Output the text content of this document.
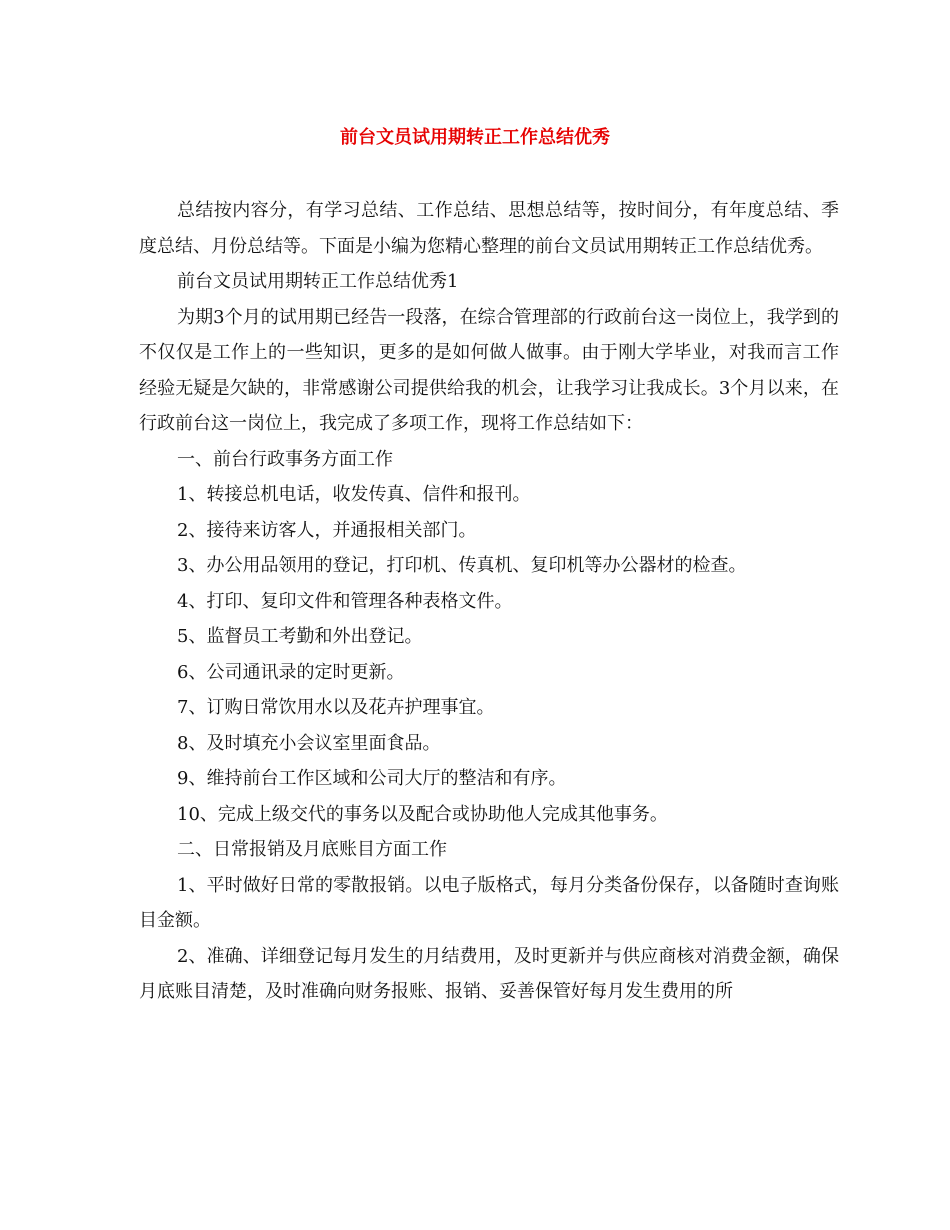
前台文员试用期转正工作总结优秀

总结按内容分，有学习总结、工作总结、思想总结等，按时间分，有年度总结、季度总结、月份总结等。下面是小编为您精心整理的前台文员试用期转正工作总结优秀。

前台文员试用期转正工作总结优秀1

为期3个月的试用期已经告一段落，在综合管理部的行政前台这一岗位上，我学到的不仅仅是工作上的一些知识，更多的是如何做人做事。由于刚大学毕业，对我而言工作经验无疑是欠缺的，非常感谢公司提供给我的机会，让我学习让我成长。3个月以来，在行政前台这一岗位上，我完成了多项工作，现将工作总结如下：

一、前台行政事务方面工作

1、转接总机电话，收发传真、信件和报刊。

2、接待来访客人，并通报相关部门。

3、办公用品领用的登记，打印机、传真机、复印机等办公器材的检查。

4、打印、复印文件和管理各种表格文件。

5、监督员工考勤和外出登记。

6、公司通讯录的定时更新。

7、订购日常饮用水以及花卉护理事宜。

8、及时填充小会议室里面食品。

9、维持前台工作区域和公司大厅的整洁和有序。

10、完成上级交代的事务以及配合或协助他人完成其他事务。

二、日常报销及月底账目方面工作

1、平时做好日常的零散报销。以电子版格式，每月分类备份保存，以备随时查询账目金额。

2、准确、详细登记每月发生的月结费用，及时更新并与供应商核对消费金额，确保月底账目清楚，及时准确向财务报账、报销、妥善保管好每月发生费用的所
